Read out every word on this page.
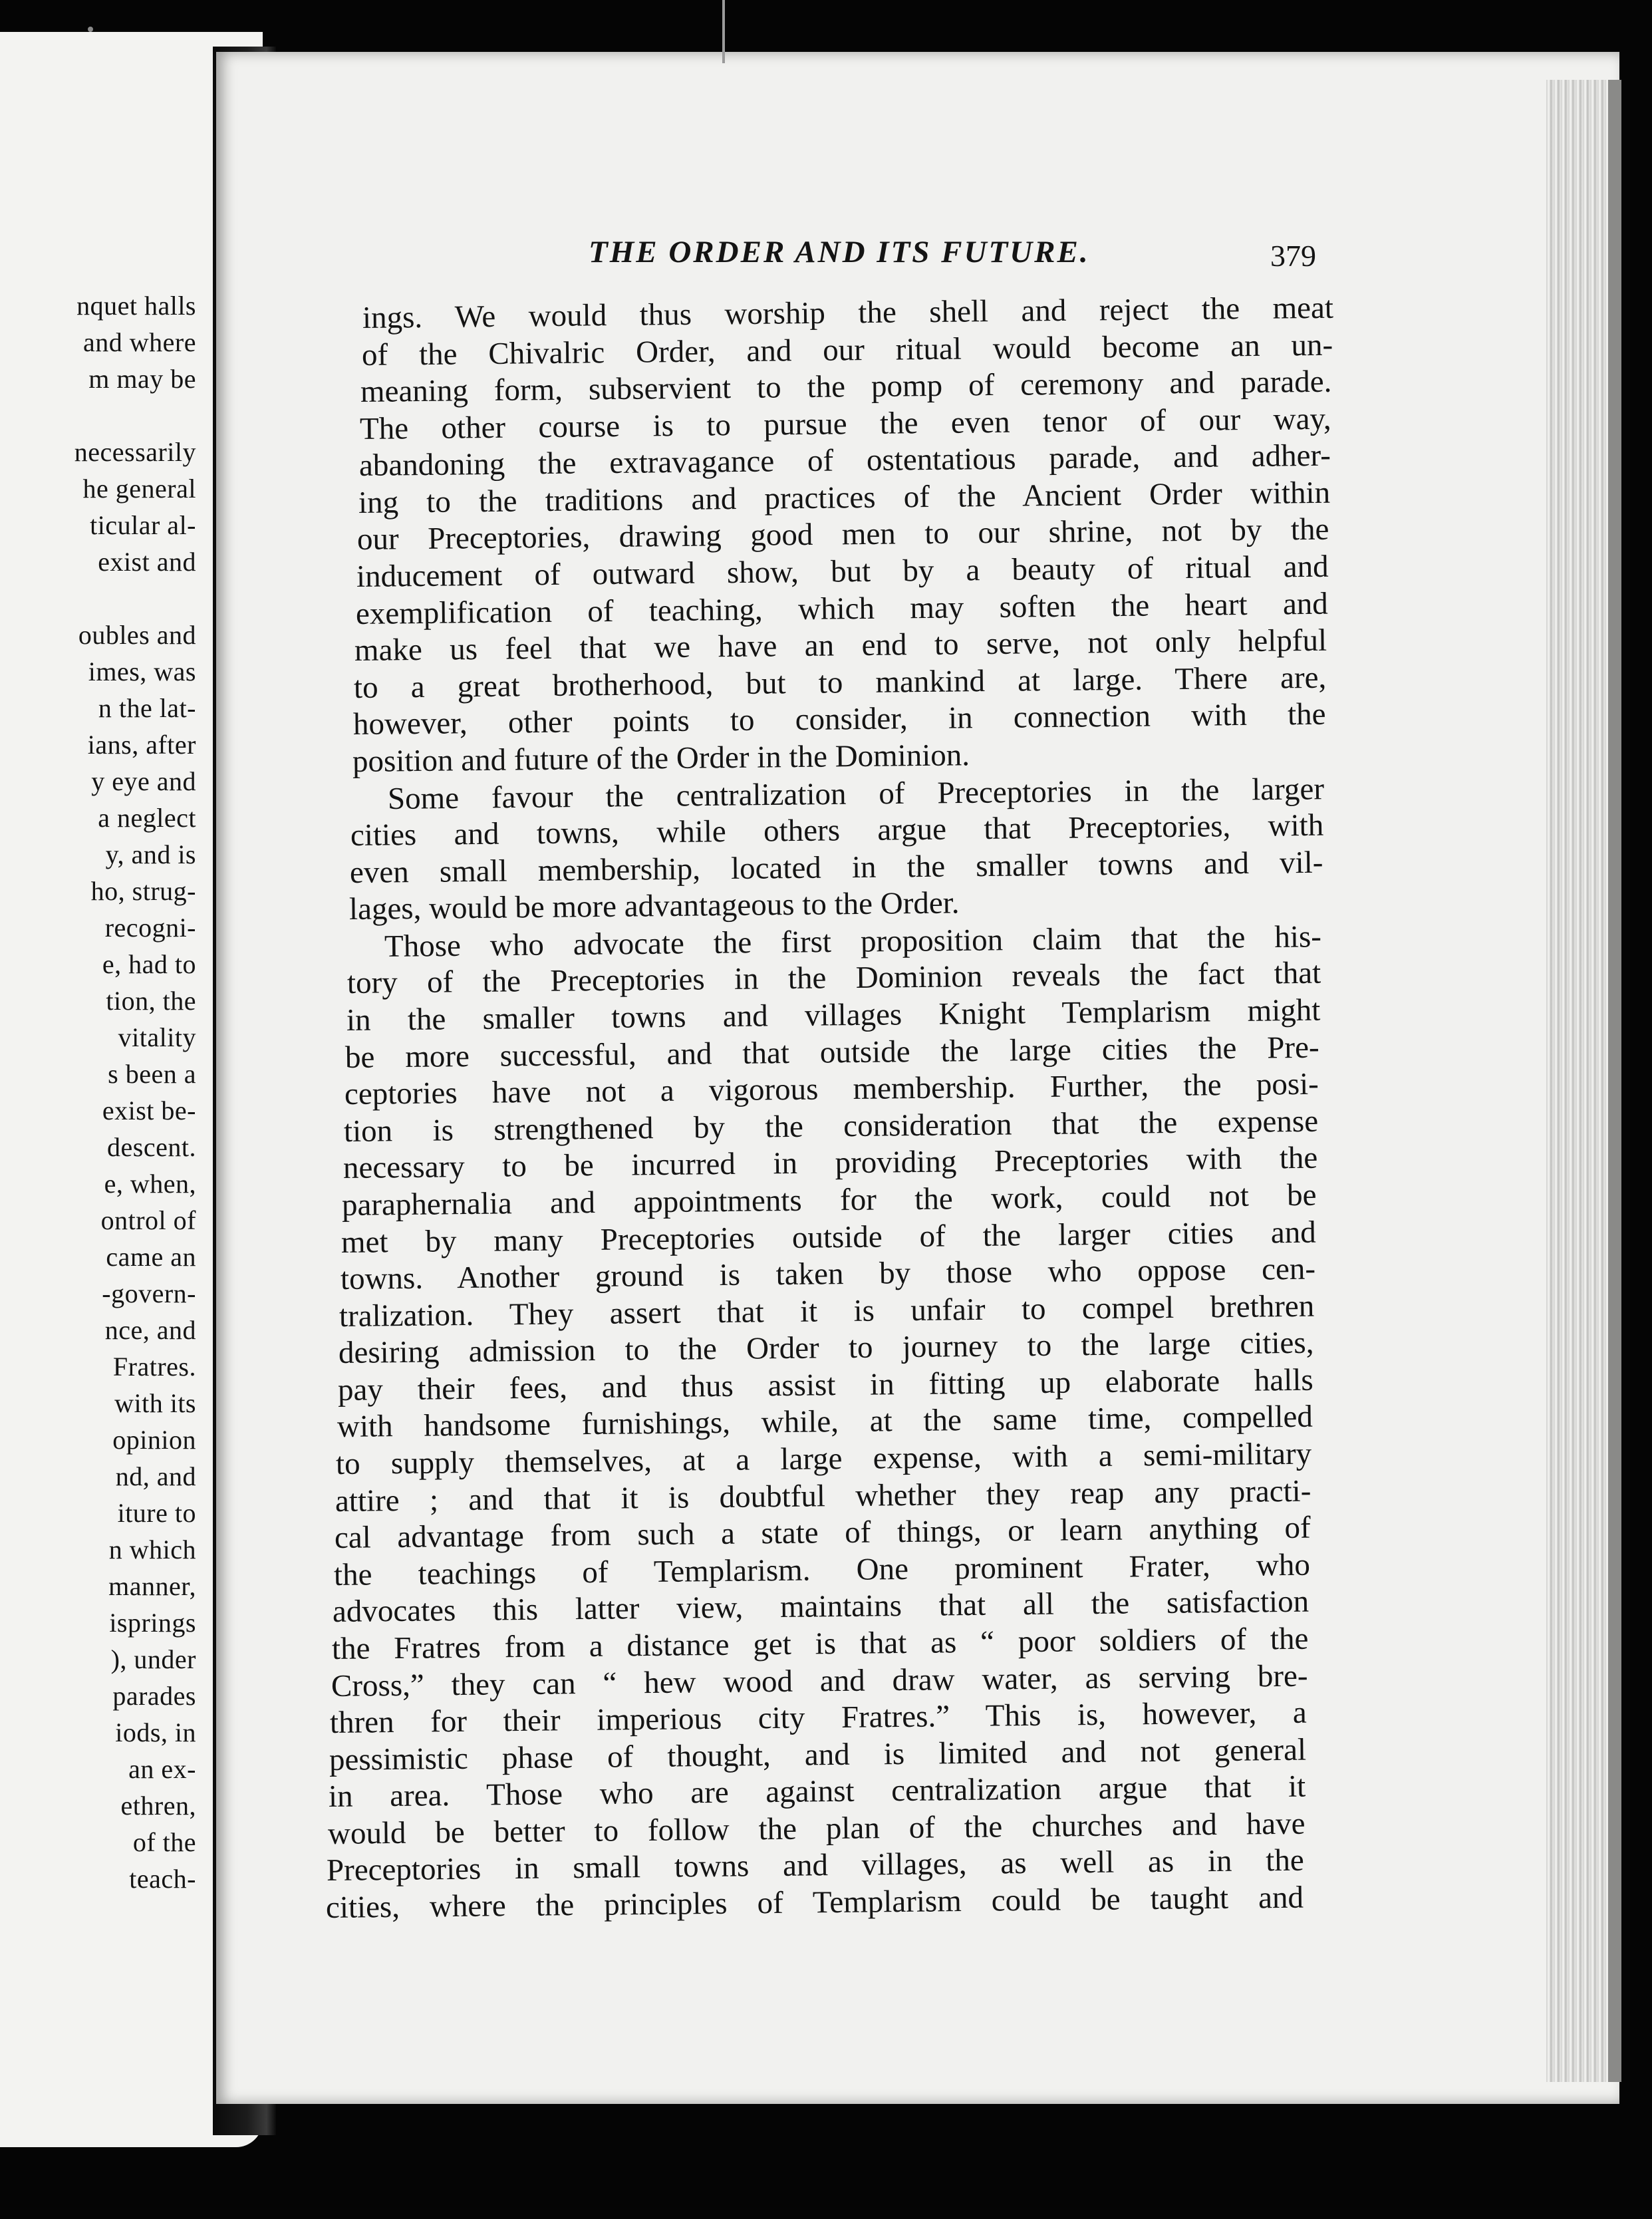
nquet halls
and where
m may be
necessarily
he general
ticular al-
exist and
oubles and
imes, was
n the lat-
ians, after
y eye and
a neglect
y, and is
ho, strug-
recogni-
e, had to
tion, the
vitality
s been a
exist be-
descent.
e, when,
ontrol of
came an
-govern-
nce, and
Fratres.
with its
opinion
nd, and
iture to
n which
manner,
isprings
), under
parades
iods, in
an ex-
ethren,
of the
teach-
THE ORDER AND ITS FUTURE.	379
ings. We would thus worship the shell and reject the meat
of the Chivalric Order, and our ritual would become an un-
meaning form, subservient to the pomp of ceremony and parade.
The other course is to pursue the even tenor of our way,
abandoning the extravagance of ostentatious parade, and adher-
ing to the traditions and practices of the Ancient Order within
our Preceptories, drawing good men to our shrine, not by the
inducement of outward show, but by a beauty of ritual and
exemplification of teaching, which may soften the heart and
make us feel that we have an end to serve, not only helpful
to a great brotherhood, but to mankind at large. There are,
however, other points to consider, in connection with the
position and future of the Order in the Dominion.
Some favour the centralization of Preceptories in the larger
cities and towns, while others argue that Preceptories, with
even small membership, located in the smaller towns and vil-
lages, would be more advantageous to the Order.
Those who advocate the first proposition claim that the his-
tory of the Preceptories in the Dominion reveals the fact that
in the smaller towns and villages Knight Templarism might
be more successful, and that outside the large cities the Pre-
ceptories have not a vigorous membership. Further, the posi-
tion is strengthened by the consideration that the expense
necessary to be incurred in providing Preceptories with the
paraphernalia and appointments for the work, could not be
met by many Preceptories outside of the larger cities and
towns. Another ground is taken by those who oppose cen-
tralization. They assert that it is unfair to compel brethren
desiring admission to the Order to journey to the large cities,
pay their fees, and thus assist in fitting up elaborate halls
with handsome furnishings, while, at the same time, compelled
to supply themselves, at a large expense, with a semi-military
attire ; and that it is doubtful whether they reap any practi-
cal advantage from such a state of things, or learn anything of
the teachings of Templarism. One prominent Frater, who
advocates this latter view, maintains that all the satisfaction
the Fratres from a distance get is that as “ poor soldiers of the
Cross,” they can “ hew wood and draw water, as serving bre-
thren for their imperious city Fratres.” This is, however, a
pessimistic phase of thought, and is limited and not general
in area. Those who are against centralization argue that it
would be better to follow the plan of the churches and have
Preceptories in small towns and villages, as well as in the
cities, where the principles of Templarism could be taught and
